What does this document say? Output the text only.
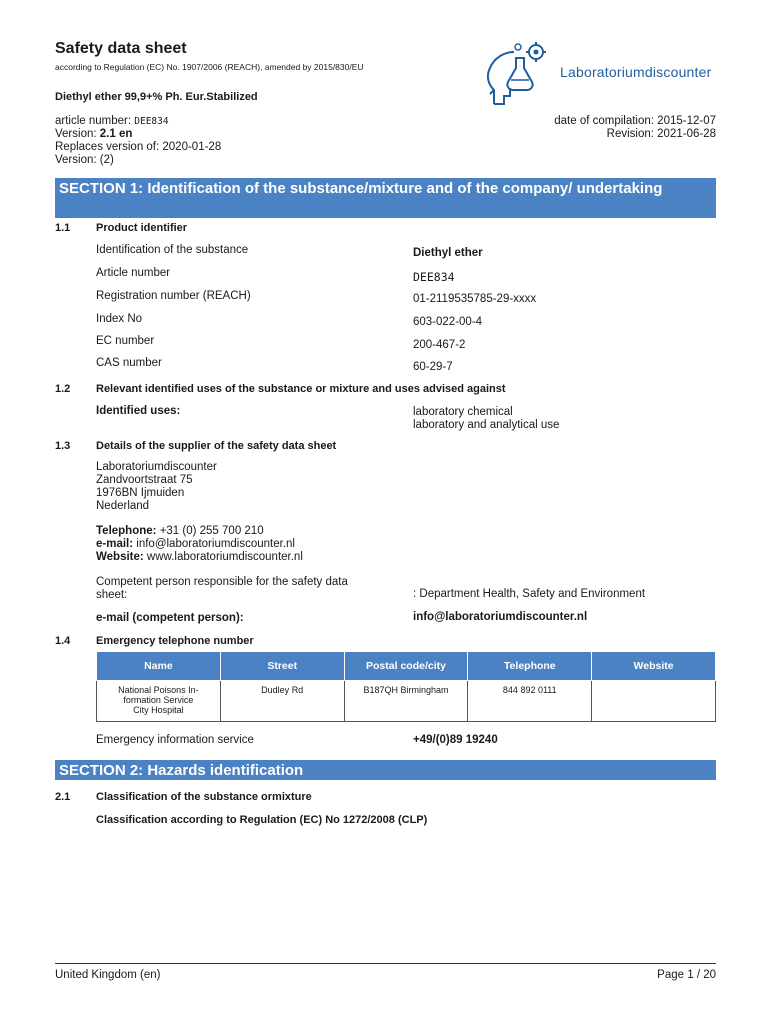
Safety data sheet
according to Regulation (EC) No. 1907/2006 (REACH), amended by 2015/830/EU	Laboratoriumdiscounter
Diethyl ether 99,9+% Ph. Eur.Stabilized
article number: DEE834
Version: 2.1 en
Replaces version of: 2020-01-28
Version: (2)
date of compilation: 2015-12-07
Revision: 2021-06-28
SECTION 1: Identification of the substance/mixture and of the company/ undertaking
1.1 Product identifier
Identification of the substance	Diethyl ether
Article number	DEE834
Registration number (REACH)	01-2119535785-29-xxxx
Index No	603-022-00-4
EC number	200-467-2
CAS number	60-29-7
1.2 Relevant identified uses of the substance or mixture and uses advised against
Identified uses:	laboratory chemical
laboratory and analytical use
1.3 Details of the supplier of the safety data sheet
Laboratoriumdiscounter
Zandvoortstraat 75
1976BN Ijmuiden
Nederland
Telephone: +31 (0) 255 700 210
e-mail: info@laboratoriumdiscounter.nl
Website: www.laboratoriumdiscounter.nl
Competent person responsible for the safety data
sheet:	: Department Health, Safety and Environment
e-mail (competent person):	info@laboratoriumdiscounter.nl
1.4 Emergency telephone number
Name	Street	Postal code/city	Telephone	Website

National Poisons In-
formation Service
City Hospital	Dudley Rd	B187QH Birmingham	844 892 0111	
Emergency information service	+49/(0)89 19240
SECTION 2: Hazards identification
2.1 Classification of the substance ormixture
Classification according to Regulation (EC) No 1272/2008 (CLP)
United Kingdom (en)	Page 1 / 20
